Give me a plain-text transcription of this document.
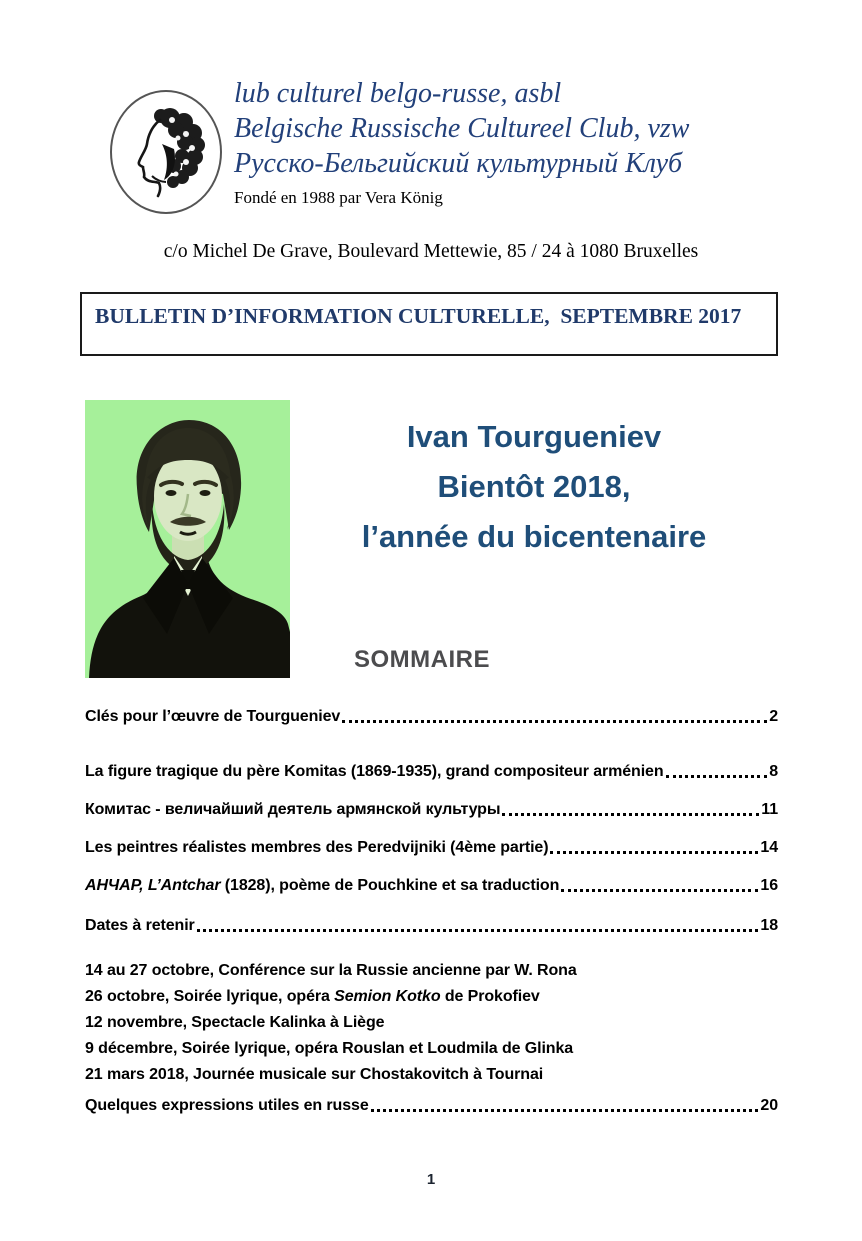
lub culturel belgo-russe, asbl
Belgische Russische Cultureel Club, vzw
Русско-Бельгийский культурный Клуб
Fondé en 1988 par Vera König
c/o Michel De Grave, Boulevard Mettewie, 85 / 24 à 1080 Bruxelles
BULLETIN D’INFORMATION CULTURELLE,  SEPTEMBRE 2017
Ivan Tourgueniev
Bientôt 2018,
l’année du bicentenaire
SOMMAIRE
Clés pour l’œuvre de Tourgueniev	2
La figure tragique du père Komitas (1869-1935), grand compositeur arménien	8
Комитас - величайший деятель армянской культуры	11
Les peintres réalistes membres des Peredvijniki (4ème partie)	14
АНЧАР, L’Antchar (1828), poème de Pouchkine et sa traduction	16
Dates à retenir	18
14 au 27 octobre, Conférence sur la Russie ancienne par W. Rona
26 octobre, Soirée lyrique, opéra Semion Kotko de Prokofiev
12 novembre, Spectacle Kalinka à Liège
9 décembre, Soirée lyrique, opéra Rouslan et Loudmila de Glinka
21 mars 2018, Journée musicale sur Chostakovitch à Tournai
Quelques expressions utiles en russe	20
1
